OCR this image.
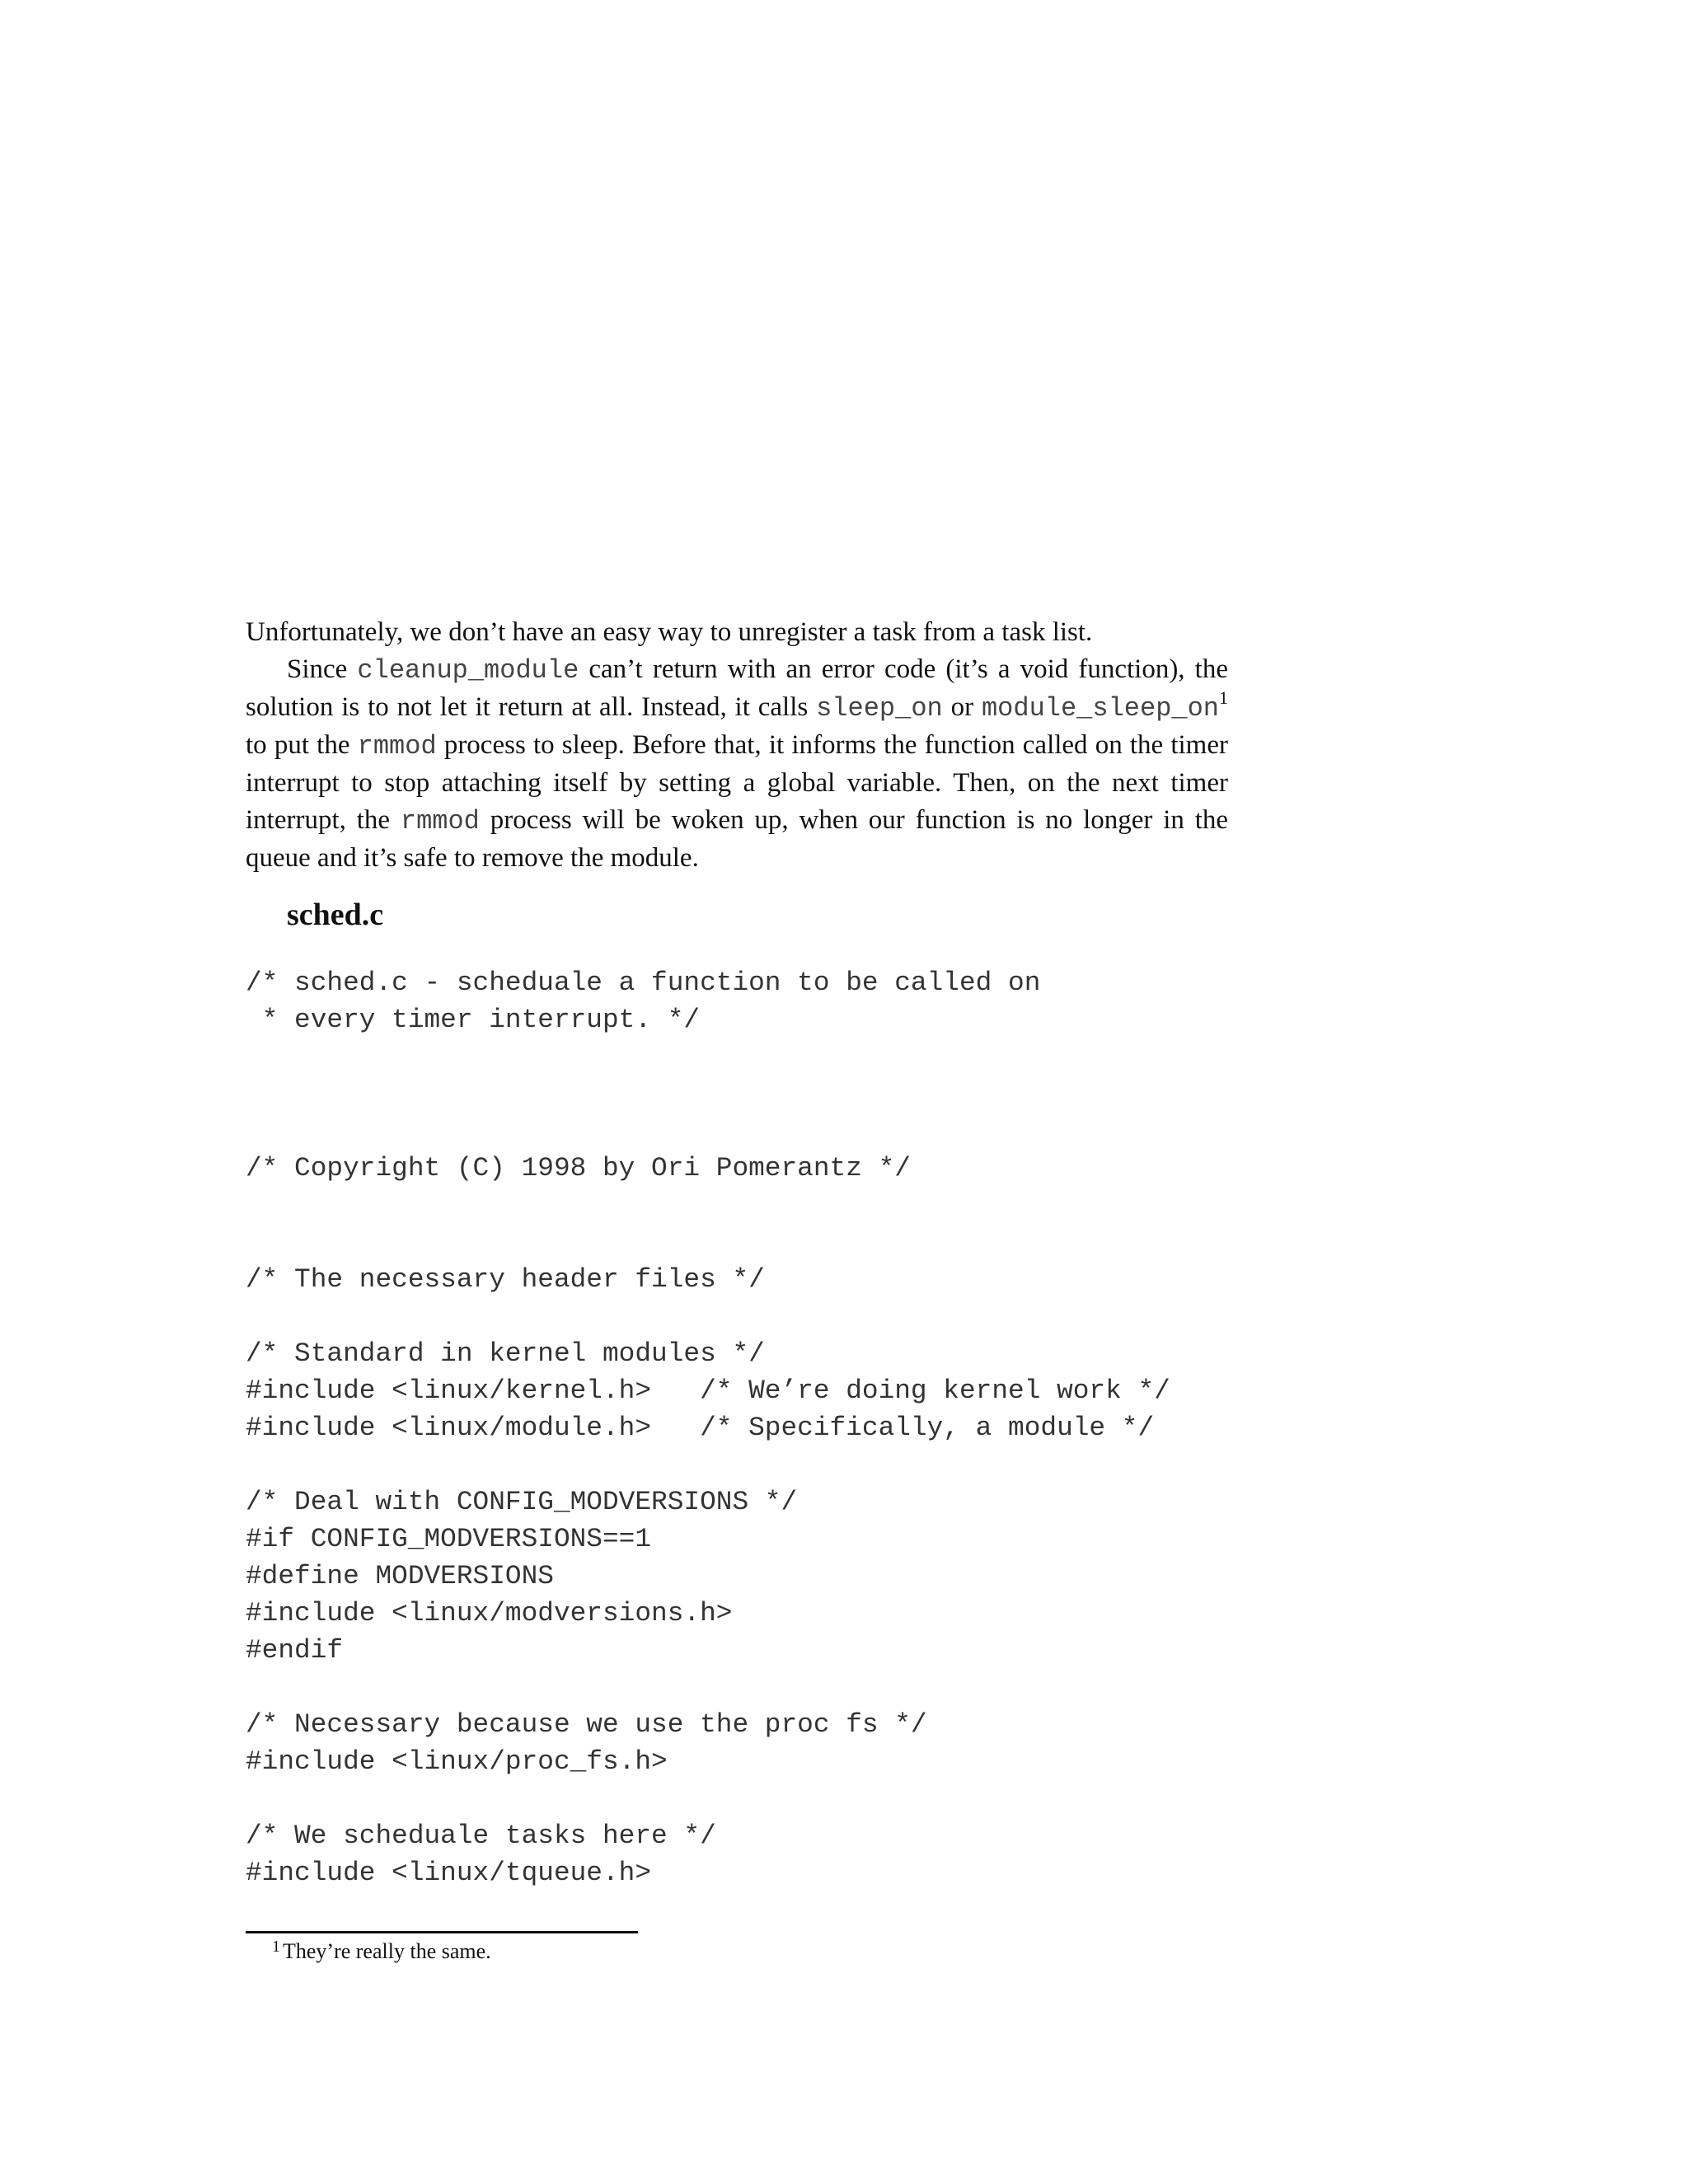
Unfortunately, we don’t have an easy way to unregister a task from a task list.

Since cleanup_module can’t return with an error code (it’s a void function), the solution is to not let it return at all. Instead, it calls sleep_on or module_sleep_on$^1$ to put the rmmod process to sleep. Before that, it informs the function called on the timer interrupt to stop attaching itself by setting a global variable. Then, on the next timer interrupt, the rmmod process will be woken up, when our function is no longer in the queue and it’s safe to remove the module.

sched.c
/* sched.c - scheduale a function to be called on
* every timer interrupt. */
/* Copyright (C) 1998 by Ori Pomerantz */
/* The necessary header files */
/* Standard in kernel modules */
#include <linux/kernel.h>   /* We’re doing kernel work */
#include <linux/module.h>   /* Specifically, a module */
/* Deal with CONFIG_MODVERSIONS */
#if CONFIG_MODVERSIONS==1
#define MODVERSIONS
#include <linux/modversions.h>
#endif
/* Necessary because we use the proc fs */
#include <linux/proc_fs.h>
/* We scheduale tasks here */
#include <linux/tqueue.h>
$^1$ They’re really the same.
